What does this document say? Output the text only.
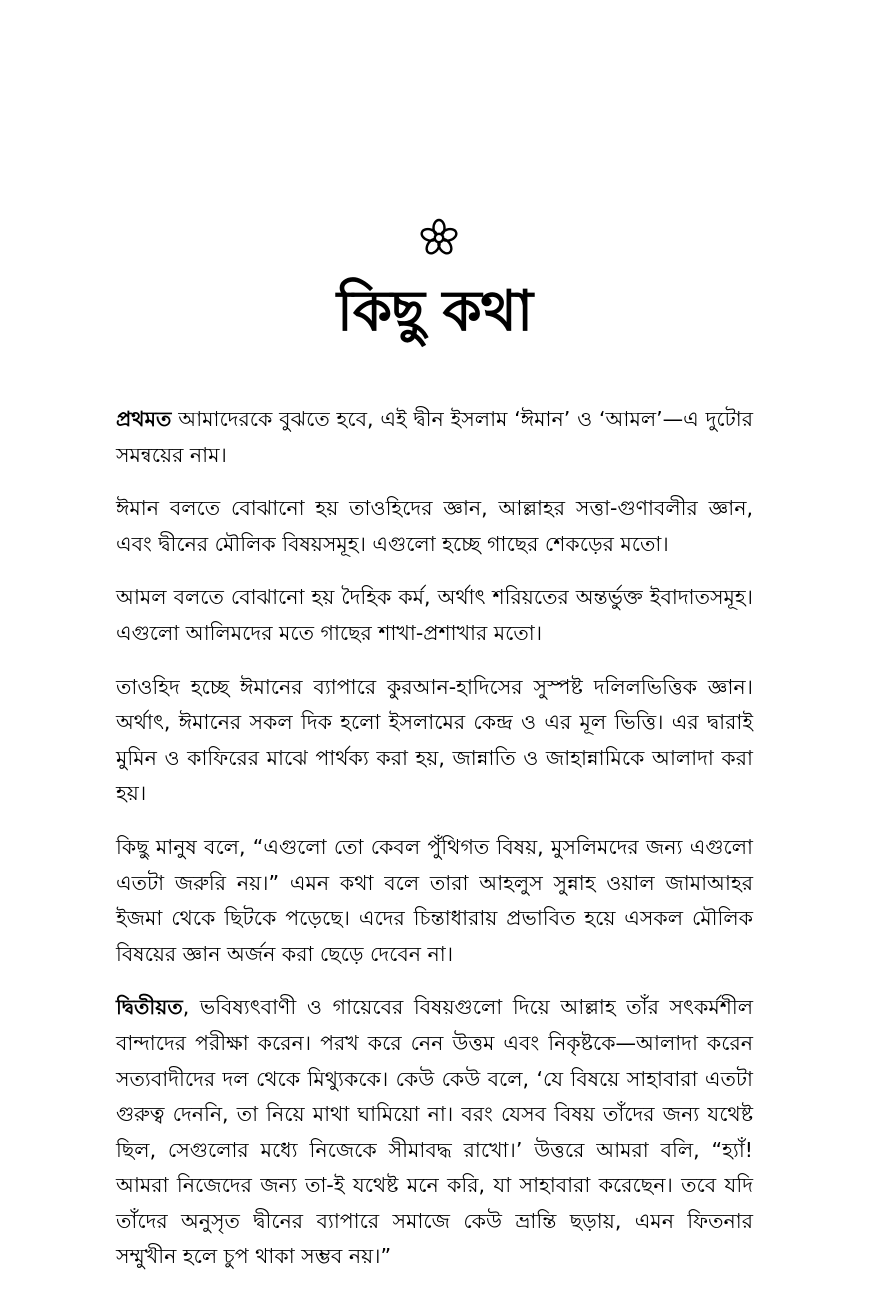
কিছু কথা

প্রথমত আমাদেরকে বুঝতে হবে, এই দ্বীন ইসলাম ‘ঈমান’ ও ‘আমল’—এ দুটোর সমন্বয়ের নাম।

ঈমান বলতে বোঝানো হয় তাওহিদের জ্ঞান, আল্লাহর সত্তা-গুণাবলীর জ্ঞান, এবং দ্বীনের মৌলিক বিষয়সমূহ। এগুলো হচ্ছে গাছের শেকড়ের মতো।

আমল বলতে বোঝানো হয় দৈহিক কর্ম, অর্থাৎ শরিয়তের অন্তর্ভুক্ত ইবাদাতসমূহ। এগুলো আলিমদের মতে গাছের শাখা-প্রশাখার মতো।

তাওহিদ হচ্ছে ঈমানের ব্যাপারে কুরআন-হাদিসের সুস্পষ্ট দলিলভিত্তিক জ্ঞান। অর্থাৎ, ঈমানের সকল দিক হলো ইসলামের কেন্দ্র ও এর মূল ভিত্তি। এর দ্বারাই মুমিন ও কাফিরের মাঝে পার্থক্য করা হয়, জান্নাতি ও জাহান্নামিকে আলাদা করা হয়।

কিছু মানুষ বলে, “এগুলো তো কেবল পুঁথিগত বিষয়, মুসলিমদের জন্য এগুলো এতটা জরুরি নয়।” এমন কথা বলে তারা আহলুস সুন্নাহ ওয়াল জামাআহর ইজমা থেকে ছিটকে পড়েছে। এদের চিন্তাধারায় প্রভাবিত হয়ে এসকল মৌলিক বিষয়ের জ্ঞান অর্জন করা ছেড়ে দেবেন না।

দ্বিতীয়ত, ভবিষ্যৎবাণী ও গায়েবের বিষয়গুলো দিয়ে আল্লাহ তাঁর সৎকর্মশীল বান্দাদের পরীক্ষা করেন। পরখ করে নেন উত্তম এবং নিকৃষ্টকে—আলাদা করেন সত্যবাদীদের দল থেকে মিথ্যুককে। কেউ কেউ বলে, ‘যে বিষয়ে সাহাবারা এতটা গুরুত্ব দেননি, তা নিয়ে মাথা ঘামিয়ো না। বরং যেসব বিষয় তাঁদের জন্য যথেষ্ট ছিল, সেগুলোর মধ্যে নিজেকে সীমাবদ্ধ রাখো।’ উত্তরে আমরা বলি, “হ্যাঁ! আমরা নিজেদের জন্য তা-ই যথেষ্ট মনে করি, যা সাহাবারা করেছেন। তবে যদি তাঁদের অনুসৃত দ্বীনের ব্যাপারে সমাজে কেউ ভ্রান্তি ছড়ায়, এমন ফিতনার সম্মুখীন হলে চুপ থাকা সম্ভব নয়।”
